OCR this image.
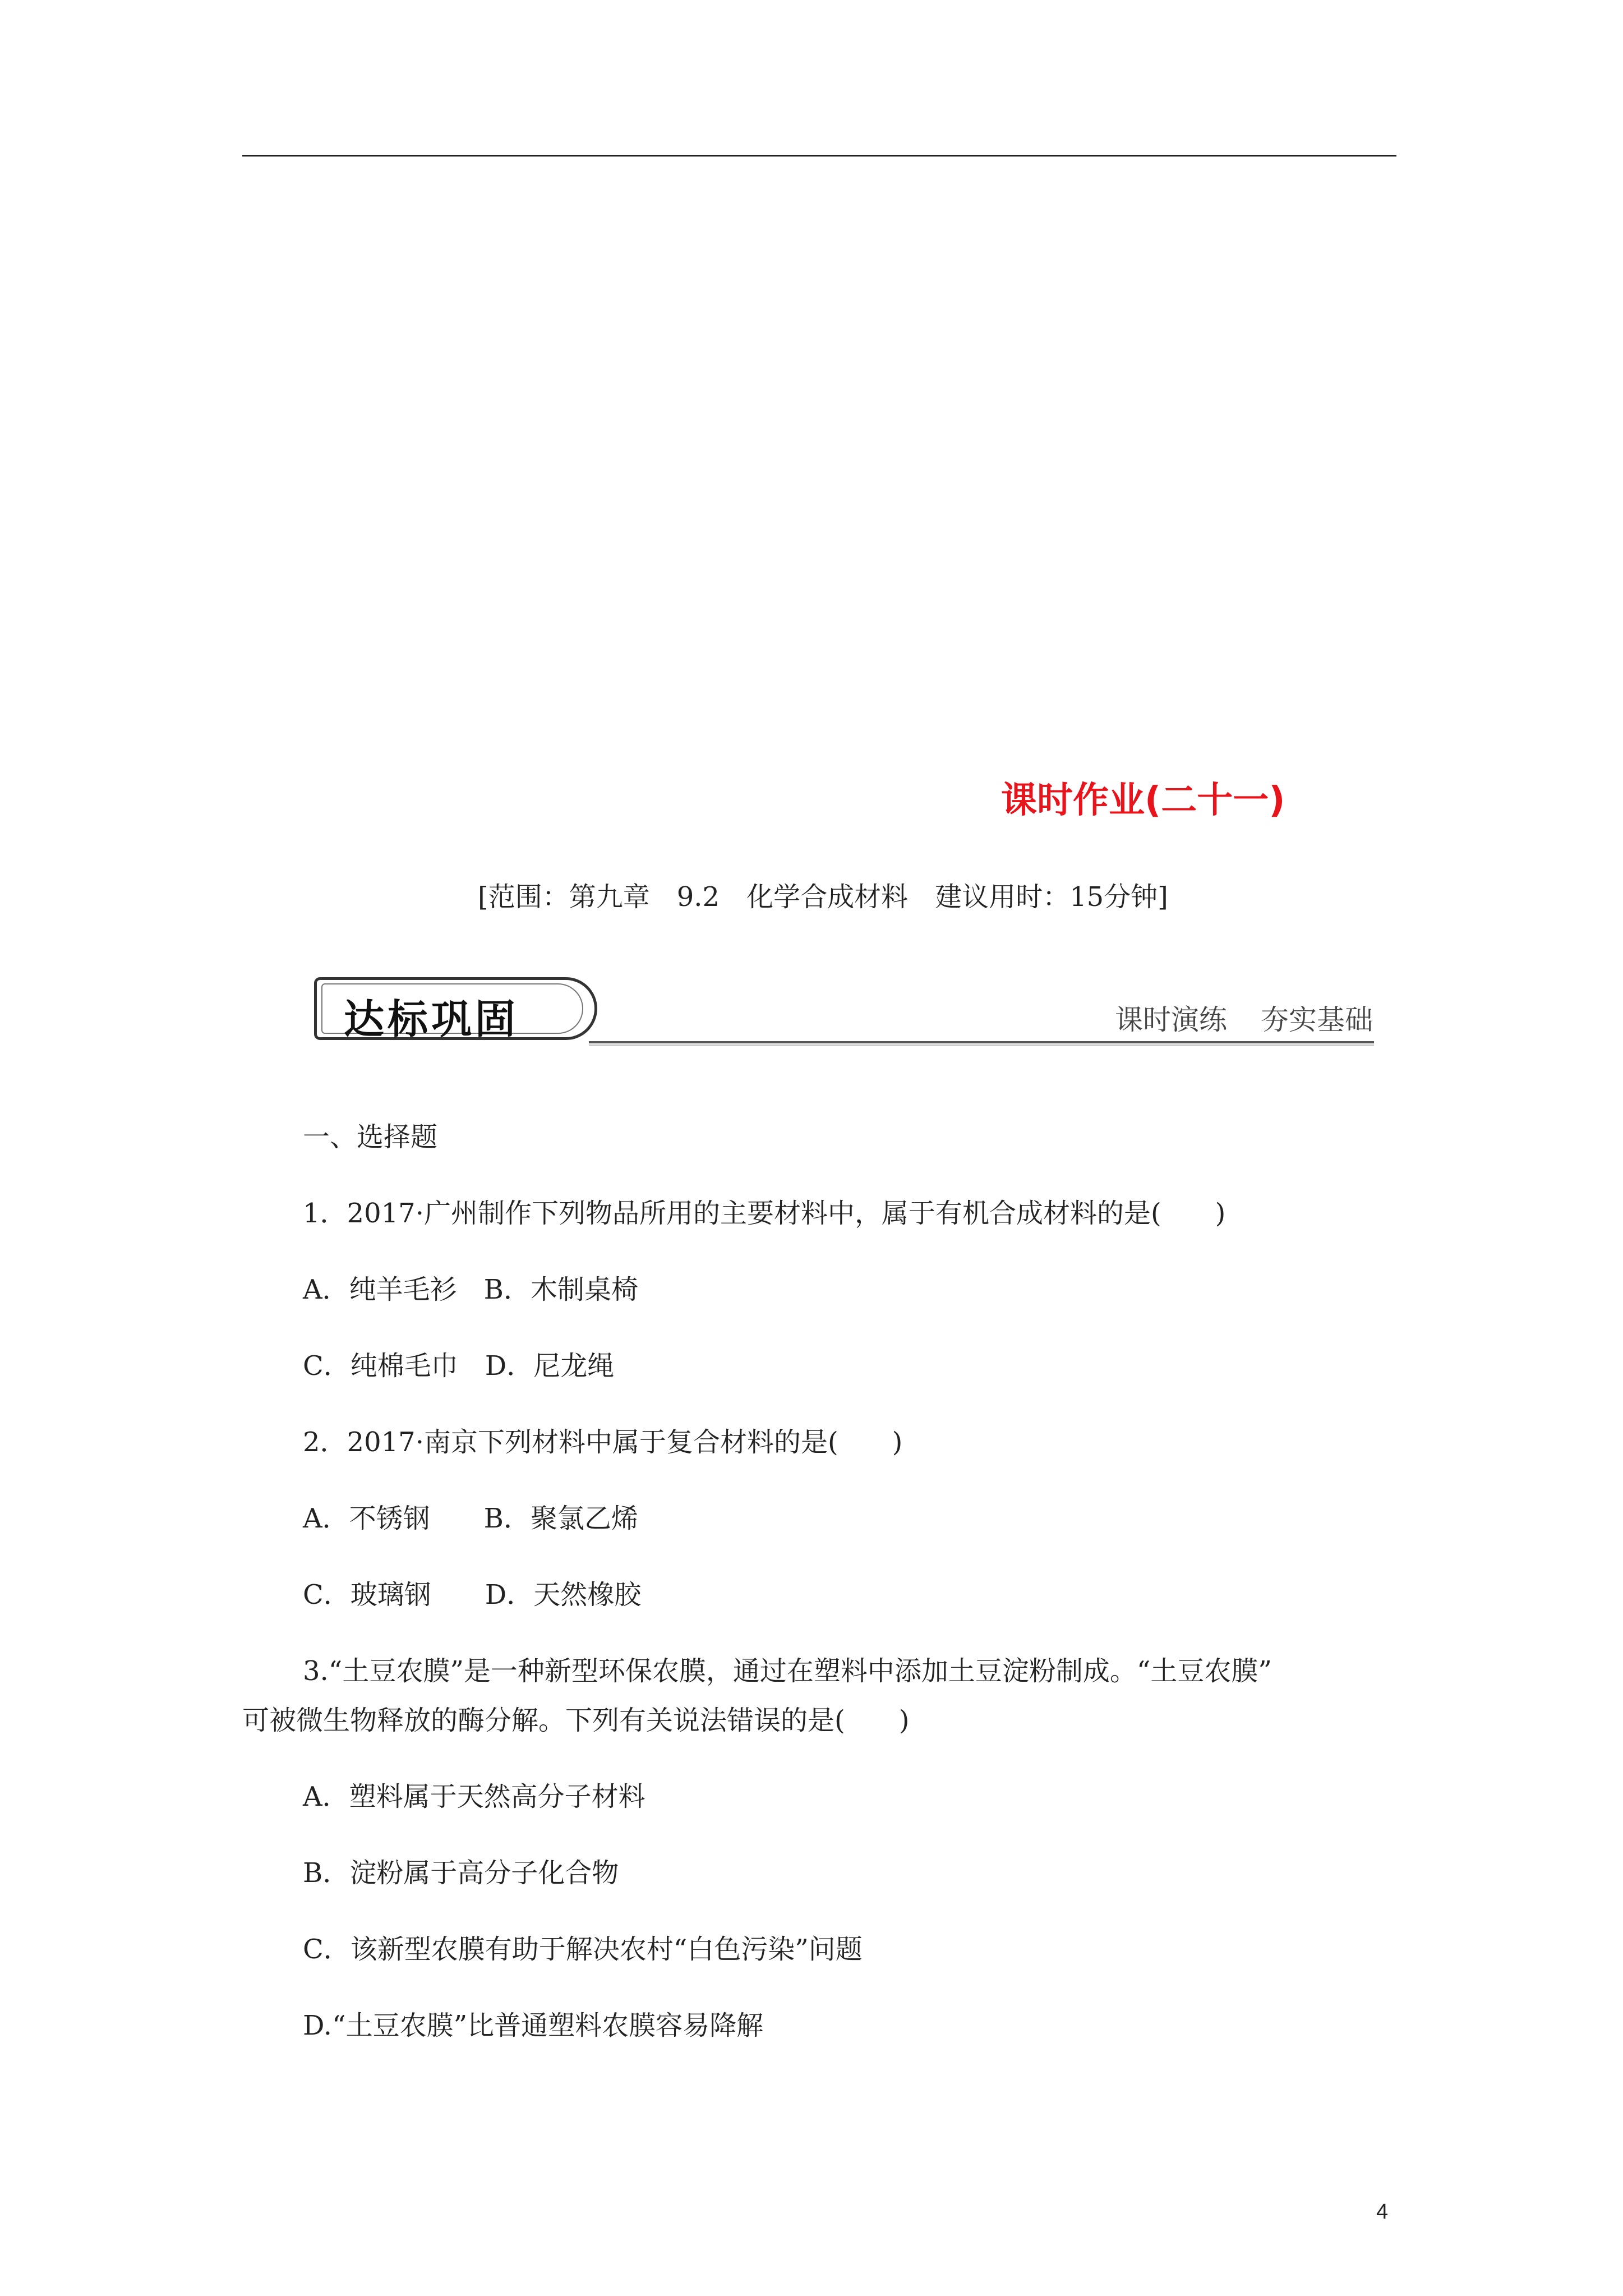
课时作业(二十一)
[范围：第九章　9.2　化学合成材料　建议用时：15分钟]
达标巩固	课时演练 夯实基础
一、选择题
1．2017·广州制作下列物品所用的主要材料中，属于有机合成材料的是(　　)
A．纯羊毛衫　B．木制桌椅
C．纯棉毛巾　D．尼龙绳
2．2017·南京下列材料中属于复合材料的是(　　)
A．不锈钢　　B．聚氯乙烯
C．玻璃钢　　D．天然橡胶
3.“土豆农膜”是一种新型环保农膜，通过在塑料中添加土豆淀粉制成。“土豆农膜”
可被微生物释放的酶分解。下列有关说法错误的是(　　)
A．塑料属于天然高分子材料
B．淀粉属于高分子化合物
C．该新型农膜有助于解决农村“白色污染”问题
D.“土豆农膜”比普通塑料农膜容易降解
4
